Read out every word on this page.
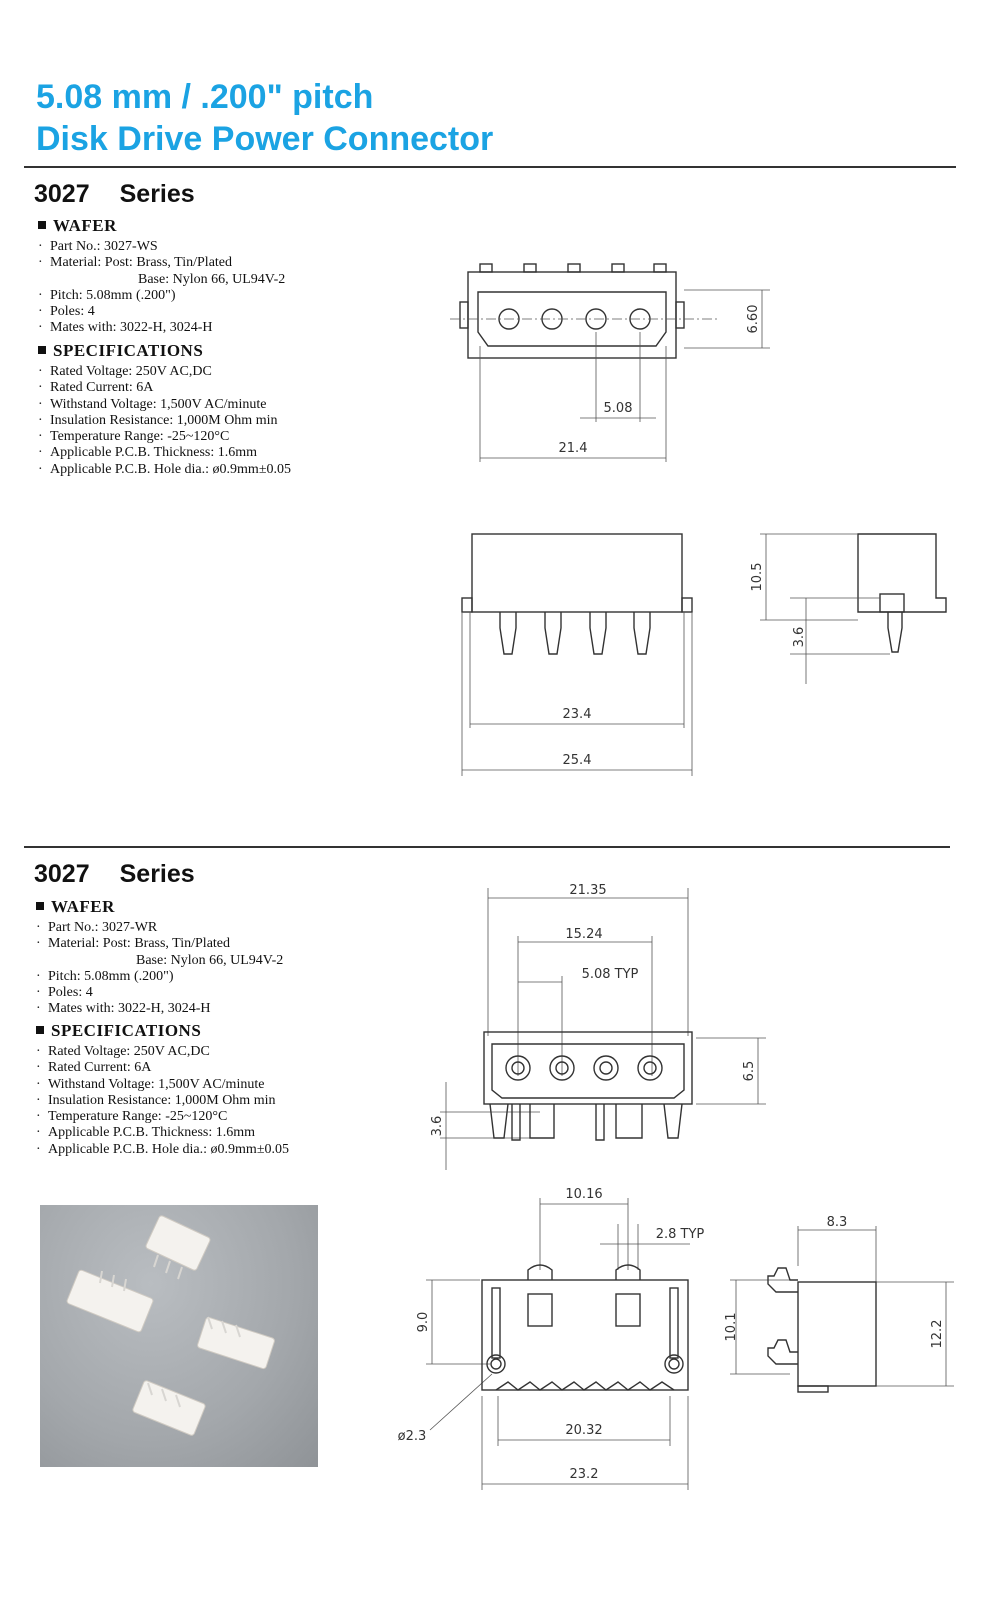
5.08 mm / .200" pitch
Disk Drive Power Connector
3027 Series
WAFER
· Part No.: 3027-WS
· Material: Post: Brass, Tin/Plated
Base: Nylon 66, UL94V-2
· Pitch: 5.08mm (.200")
· Poles: 4
· Mates with: 3022-H, 3024-H
SPECIFICATIONS
· Rated Voltage: 250V AC,DC
· Rated Current: 6A
· Withstand Voltage: 1,500V AC/minute
· Insulation Resistance: 1,000M Ohm min
· Temperature Range: -25~120°C
· Applicable P.C.B. Thickness: 1.6mm
· Applicable P.C.B. Hole dia.: ø0.9mm±0.05
6.60
5.08
21.4
23.4
25.4
10.5
3.6
3027 Series
WAFER
· Part No.: 3027-WR
· Material: Post: Brass, Tin/Plated
Base: Nylon 66, UL94V-2
· Pitch: 5.08mm (.200")
· Poles: 4
· Mates with: 3022-H, 3024-H
SPECIFICATIONS
· Rated Voltage: 250V AC,DC
· Rated Current: 6A
· Withstand Voltage: 1,500V AC/minute
· Insulation Resistance: 1,000M Ohm min
· Temperature Range: -25~120°C
· Applicable P.C.B. Thickness: 1.6mm
· Applicable P.C.B. Hole dia.: ø0.9mm±0.05
21.35
15.24
5.08 TYP
6.5
3.6
10.16
2.8 TYP
9.0
ø2.3	20.32
23.2
8.3
10.1	12.2
